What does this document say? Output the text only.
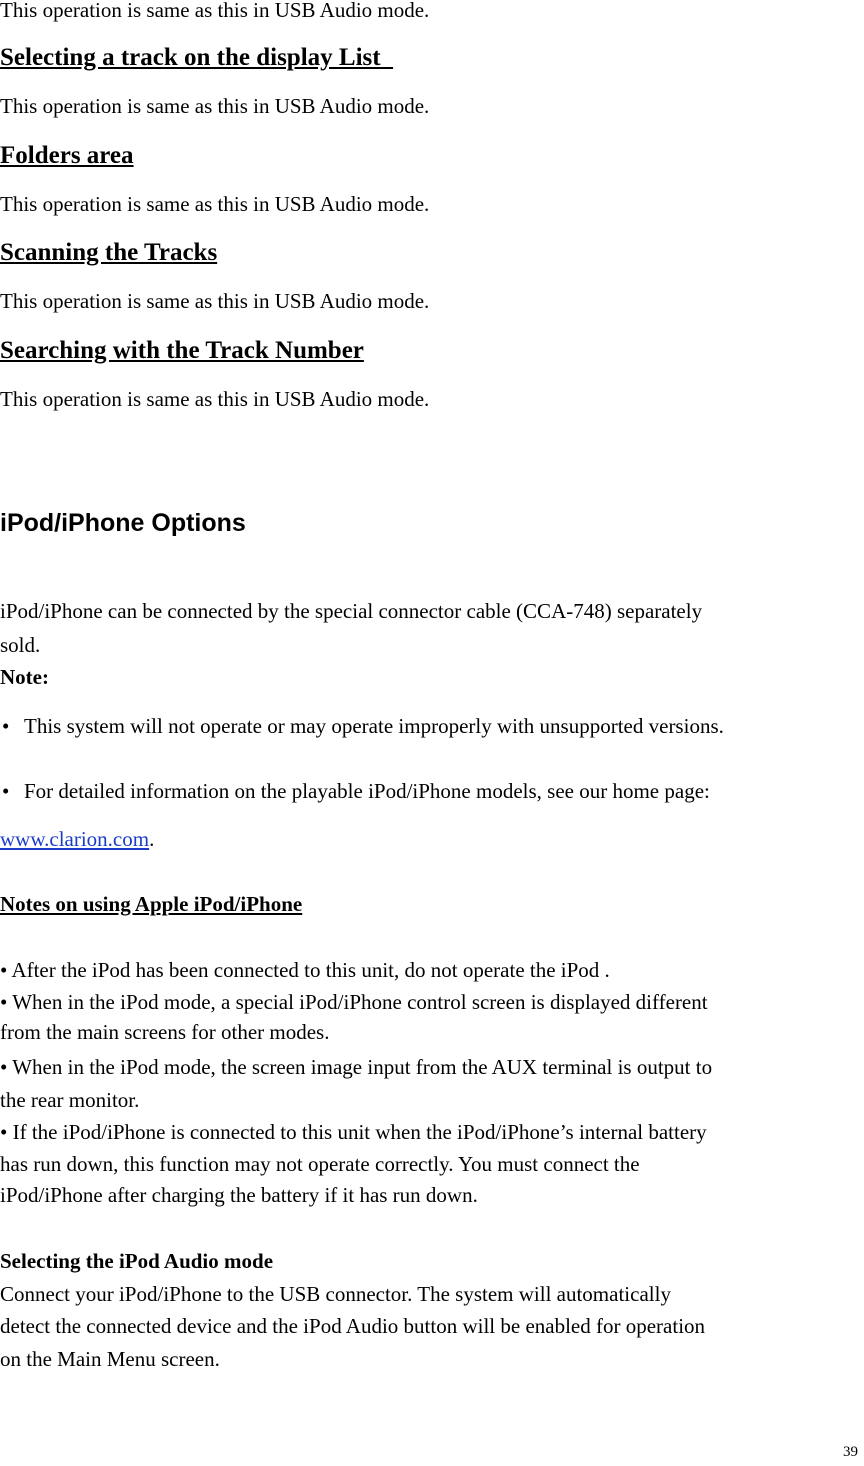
This operation is same as this in USB Audio mode.
Selecting a track on the display List
This operation is same as this in USB Audio mode.
Folders area
This operation is same as this in USB Audio mode.
Scanning the Tracks
This operation is same as this in USB Audio mode.
Searching with the Track Number
This operation is same as this in USB Audio mode.
iPod/iPhone Options
iPod/iPhone can be connected by the special connector cable (CCA-748) separately
sold.
Note:
• This system will not operate or may operate improperly with unsupported versions.
• For detailed information on the playable iPod/iPhone models, see our home page:
www.clarion.com.
Notes on using Apple iPod/iPhone
• After the iPod has been connected to this unit, do not operate the iPod .
• When in the iPod mode, a special iPod/iPhone control screen is displayed different
from the main screens for other modes.
• When in the iPod mode, the screen image input from the AUX terminal is output to
the rear monitor.
• If the iPod/iPhone is connected to this unit when the iPod/iPhone’s internal battery
has run down, this function may not operate correctly. You must connect the
iPod/iPhone after charging the battery if it has run down.
Selecting the iPod Audio mode
Connect your iPod/iPhone to the USB connector. The system will automatically
detect the connected device and the iPod Audio button will be enabled for operation
on the Main Menu screen.
39
